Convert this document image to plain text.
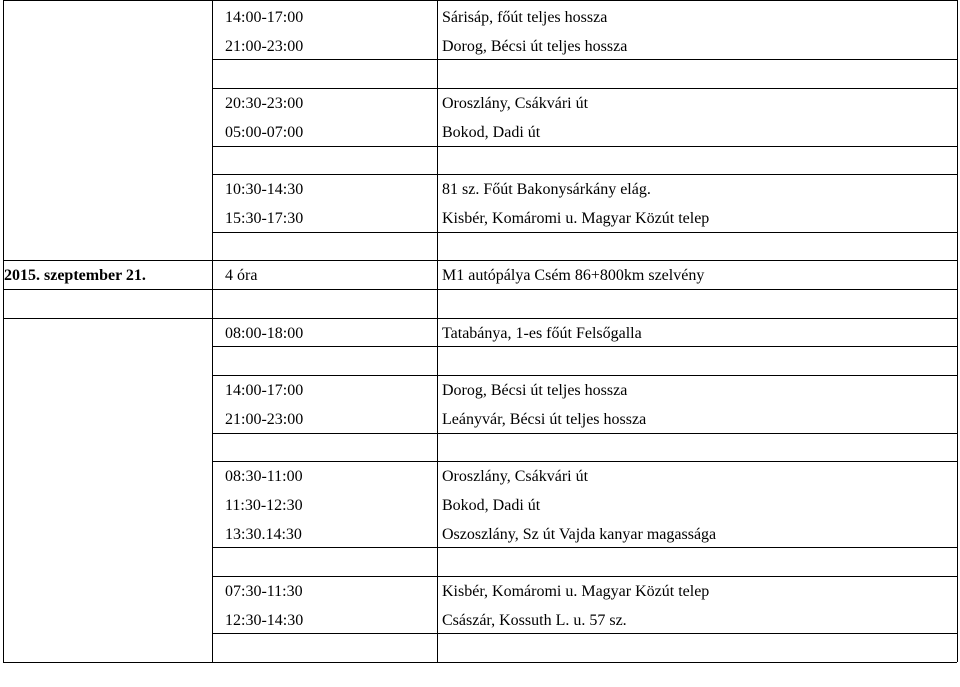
14:00-17:00	Sárisáp, főút teljes hossza
21:00-23:00	Dorog, Bécsi út teljes hossza
20:30-23:00	Oroszlány, Csákvári út
05:00-07:00	Bokod, Dadi út
10:30-14:30	81 sz. Főút Bakonysárkány elág.
15:30-17:30	Kisbér, Komáromi u. Magyar Közút telep
2015. szeptember 21.	4 óra	M1 autópálya Csém 86+800km szelvény
08:00-18:00	Tatabánya, 1-es főút Felsőgalla
14:00-17:00	Dorog, Bécsi út teljes hossza
21:00-23:00	Leányvár, Bécsi út teljes hossza
08:30-11:00	Oroszlány, Csákvári út
11:30-12:30	Bokod, Dadi út
13:30.14:30	Oszoszlány, Sz út Vajda kanyar magassága
07:30-11:30	Kisbér, Komáromi u. Magyar Közút telep
12:30-14:30	Császár, Kossuth L. u. 57 sz.
